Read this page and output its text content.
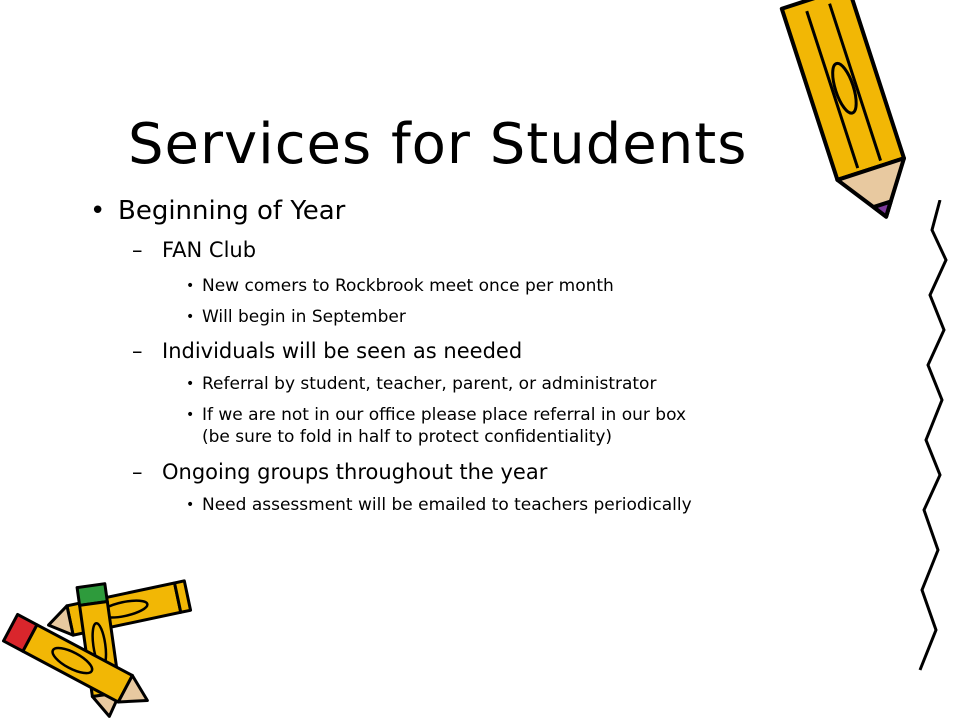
Services for Students
• Beginning of Year
– FAN Club
• New comers to Rockbrook meet once per month
• Will begin in September
– Individuals will be seen as needed
• Referral by student, teacher, parent, or administrator
• If we are not in our office please place referral in our box
(be sure to fold in half to protect confidentiality)
– Ongoing groups throughout the year
• Need assessment will be emailed to teachers periodically
